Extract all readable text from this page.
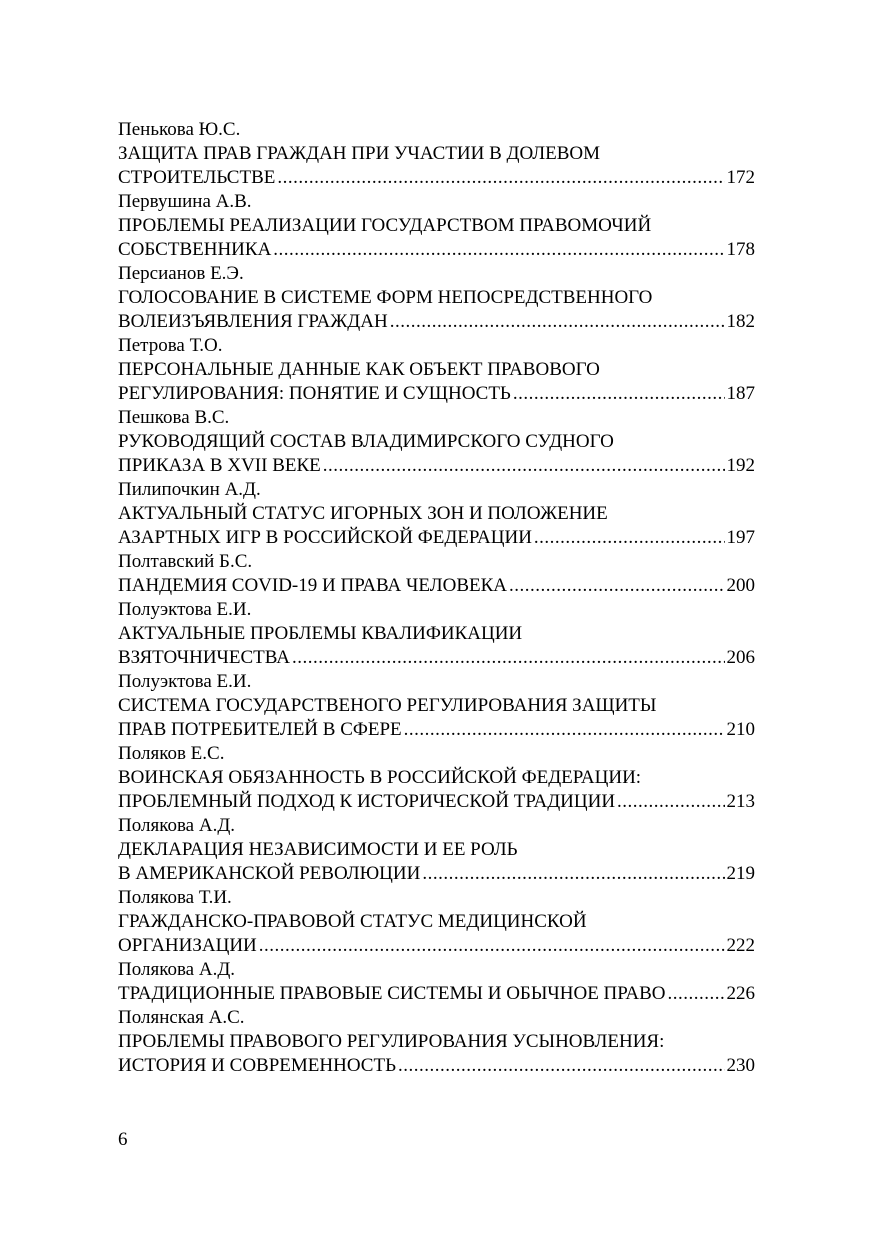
Пенькова Ю.С.
ЗАЩИТА ПРАВ ГРАЖДАН ПРИ УЧАСТИИ В ДОЛЕВОМ
СТРОИТЕЛЬСТВЕ .....	172
Первушина А.В.
ПРОБЛЕМЫ РЕАЛИЗАЦИИ ГОСУДАРСТВОМ ПРАВОМОЧИЙ
СОБСТВЕННИКА .....	178
Персианов Е.Э.
ГОЛОСОВАНИЕ В СИСТЕМЕ ФОРМ НЕПОСРЕДСТВЕННОГО
ВОЛЕИЗЪЯВЛЕНИЯ ГРАЖДАН .....	182
Петрова Т.О.
ПЕРСОНАЛЬНЫЕ ДАННЫЕ КАК ОБЪЕКТ ПРАВОВОГО
РЕГУЛИРОВАНИЯ: ПОНЯТИЕ И СУЩНОСТЬ .....	187
Пешкова В.С.
РУКОВОДЯЩИЙ СОСТАВ ВЛАДИМИРСКОГО СУДНОГО
ПРИКАЗА В XVII ВЕКЕ .....	192
Пилипочкин А.Д.
АКТУАЛЬНЫЙ СТАТУС ИГОРНЫХ ЗОН И ПОЛОЖЕНИЕ
АЗАРТНЫХ ИГР В РОССИЙСКОЙ ФЕДЕРАЦИИ .....	197
Полтавский Б.С.
ПАНДЕМИЯ COVID-19 И ПРАВА ЧЕЛОВЕКА .....	200
Полуэктова Е.И.
АКТУАЛЬНЫЕ ПРОБЛЕМЫ КВАЛИФИКАЦИИ
ВЗЯТОЧНИЧЕСТВА .....	206
Полуэктова Е.И.
СИСТЕМА ГОСУДАРСТВЕНОГО РЕГУЛИРОВАНИЯ ЗАЩИТЫ
ПРАВ ПОТРЕБИТЕЛЕЙ В СФЕРЕ .....	210
Поляков Е.С.
ВОИНСКАЯ ОБЯЗАННОСТЬ В РОССИЙСКОЙ ФЕДЕРАЦИИ:
ПРОБЛЕМНЫЙ ПОДХОД К ИСТОРИЧЕСКОЙ ТРАДИЦИИ .....	213
Полякова А.Д.
ДЕКЛАРАЦИЯ НЕЗАВИСИМОСТИ И ЕЕ РОЛЬ
В АМЕРИКАНСКОЙ РЕВОЛЮЦИИ .....	219
Полякова Т.И.
ГРАЖДАНСКО-ПРАВОВОЙ СТАТУС МЕДИЦИНСКОЙ
ОРГАНИЗАЦИИ .....	222
Полякова А.Д.
ТРАДИЦИОННЫЕ ПРАВОВЫЕ СИСТЕМЫ И ОБЫЧНОЕ ПРАВО .....	226
Полянская А.С.
ПРОБЛЕМЫ ПРАВОВОГО РЕГУЛИРОВАНИЯ УСЫНОВЛЕНИЯ:
ИСТОРИЯ И СОВРЕМЕННОСТЬ .....	230
6
